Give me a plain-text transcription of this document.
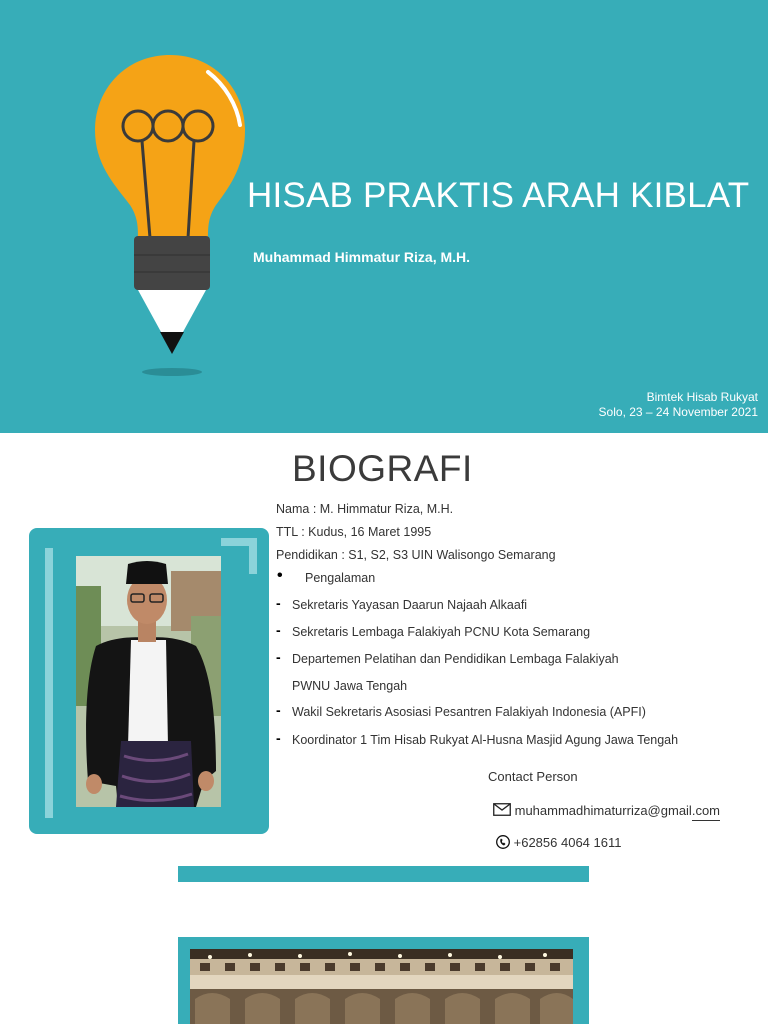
HISAB PRAKTIS ARAH KIBLAT
Muhammad Himmatur Riza, M.H.
Bimtek Hisab Rukyat
Solo, 23 – 24 November 2021
BIOGRAFI
Nama : M. Himmatur Riza, M.H.
TTL : Kudus, 16 Maret 1995
Pendidikan : S1, S2, S3 UIN Walisongo Semarang
• Pengalaman
- Sekretaris Yayasan Daarun Najaah Alkaafi
- Sekretaris Lembaga Falakiyah PCNU Kota Semarang
- Departemen Pelatihan dan Pendidikan Lembaga Falakiyah
PWNU Jawa Tengah
- Wakil Sekretaris Asosiasi Pesantren Falakiyah Indonesia (APFI)
- Koordinator 1 Tim Hisab Rukyat Al-Husna Masjid Agung Jawa Tengah
Contact Person
muhammadhimaturriza@gmail.com
+62856 4064 1611
